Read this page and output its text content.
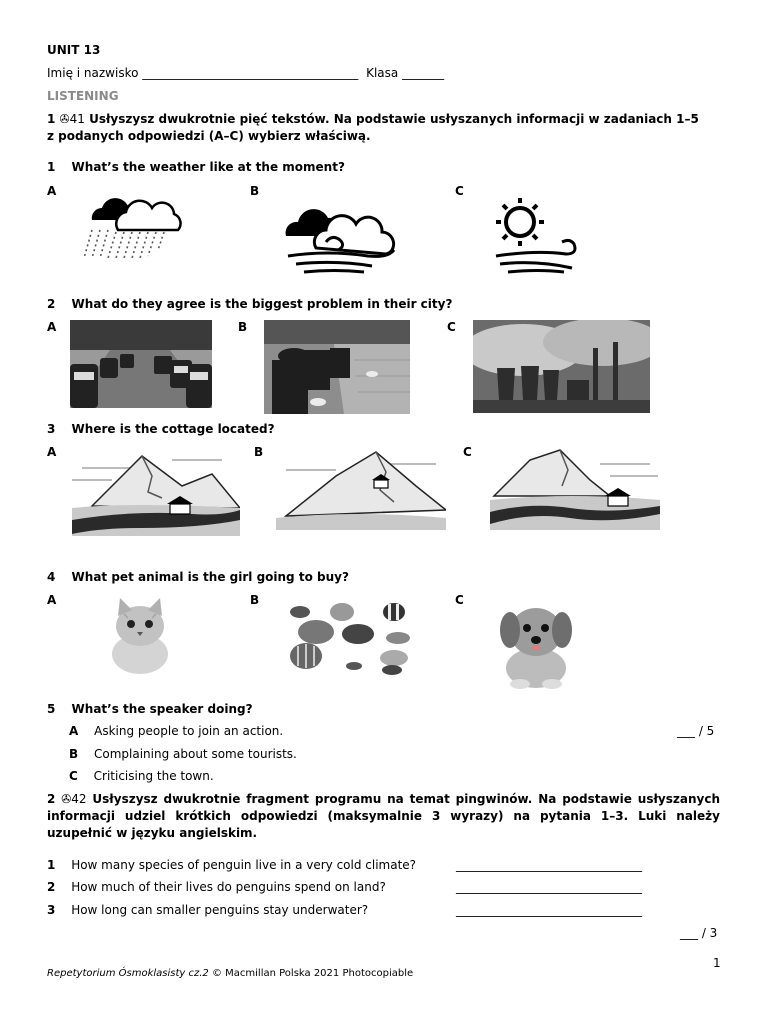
UNIT 13
Imię i nazwisko ____________________________________ Klasa _______
LISTENING
1 ✇41 Usłyszysz dwukrotnie pięć tekstów. Na podstawie usłyszanych informacji w zadaniach 1–5
z podanych odpowiedzi (A–C) wybierz właściwą.
1 What’s the weather like at the moment?
A	B	C
2 What do they agree is the biggest problem in their city?
A	B	C
3 Where is the cottage located?
A	B	C
4 What pet animal is the girl going to buy?
A	B	C
5 What’s the speaker doing?
A Asking people to join an action.	___ / 5
B Complaining about some tourists.
C Criticising the town.
2 ✇42 Usłyszysz dwukrotnie fragment programu na temat pingwinów. Na podstawie usłyszanych informacji udziel krótkich odpowiedzi (maksymalnie 3 wyrazy) na pytania 1–3. Luki należy uzupełnić w języku angielskim.
1 How many species of penguin live in a very cold climate?	_______________________________
2 How much of their lives do penguins spend on land?	_______________________________
3 How long can smaller penguins stay underwater?	_______________________________
___ / 3
1
Repetytorium Ósmoklasisty cz.2 © Macmillan Polska 2021 Photocopiable
